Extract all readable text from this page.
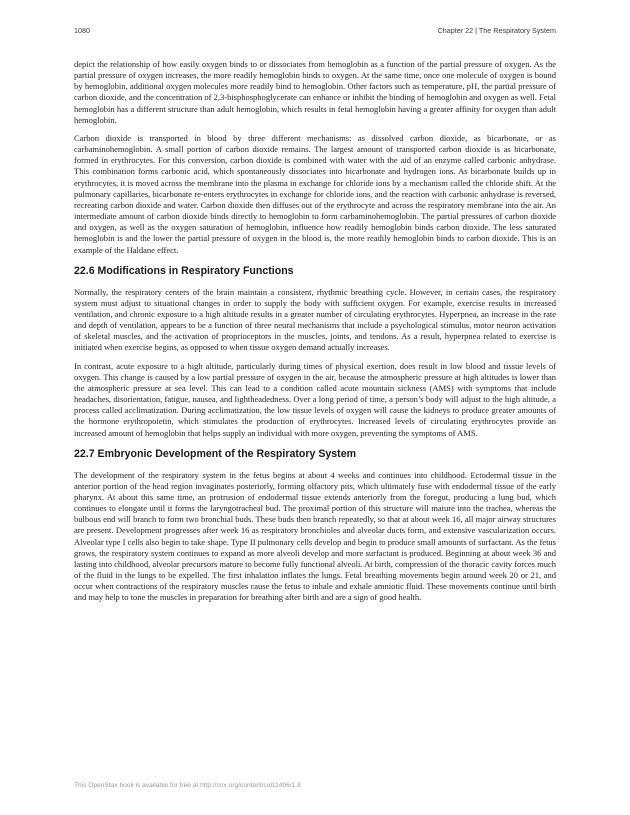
1080	Chapter 22 | The Respiratory System

depict the relationship of how easily oxygen binds to or dissociates from hemoglobin as a function of the partial pressure of oxygen. As the partial pressure of oxygen increases, the more readily hemoglobin binds to oxygen. At the same time, once one molecule of oxygen is bound by hemoglobin, additional oxygen molecules more readily bind to hemoglobin. Other factors such as temperature, pH, the partial pressure of carbon dioxide, and the concentration of 2,3-bisphosphoglycerate can enhance or inhibit the binding of hemoglobin and oxygen as well. Fetal hemoglobin has a different structure than adult hemoglobin, which results in fetal hemoglobin having a greater affinity for oxygen than adult hemoglobin.

Carbon dioxide is transported in blood by three different mechanisms: as dissolved carbon dioxide, as bicarbonate, or as carbaminohemoglobin. A small portion of carbon dioxide remains. The largest amount of transported carbon dioxide is as bicarbonate, formed in erythrocytes. For this conversion, carbon dioxide is combined with water with the aid of an enzyme called carbonic anhydrase. This combination forms carbonic acid, which spontaneously dissociates into bicarbonate and hydrogen ions. As bicarbonate builds up in erythrocytes, it is moved across the membrane into the plasma in exchange for chloride ions by a mechanism called the chloride shift. At the pulmonary capillaries, bicarbonate re-enters erythrocytes in exchange for chloride ions, and the reaction with carbonic anhydrase is reversed, recreating carbon dioxide and water. Carbon dioxide then diffuses out of the erythrocyte and across the respiratory membrane into the air. An intermediate amount of carbon dioxide binds directly to hemoglobin to form carbaminohemoglobin. The partial pressures of carbon dioxide and oxygen, as well as the oxygen saturation of hemoglobin, influence how readily hemoglobin binds carbon dioxide. The less saturated hemoglobin is and the lower the partial pressure of oxygen in the blood is, the more readily hemoglobin binds to carbon dioxide. This is an example of the Haldane effect.

22.6 Modifications in Respiratory Functions

Normally, the respiratory centers of the brain maintain a consistent, rhythmic breathing cycle. However, in certain cases, the respiratory system must adjust to situational changes in order to supply the body with sufficient oxygen. For example, exercise results in increased ventilation, and chronic exposure to a high altitude results in a greater number of circulating erythrocytes. Hyperpnea, an increase in the rate and depth of ventilation, appears to be a function of three neural mechanisms that include a psychological stimulus, motor neuron activation of skeletal muscles, and the activation of proprioceptors in the muscles, joints, and tendons. As a result, hyperpnea related to exercise is initiated when exercise begins, as opposed to when tissue oxygen demand actually increases.

In contrast, acute exposure to a high altitude, particularly during times of physical exertion, does result in low blood and tissue levels of oxygen. This change is caused by a low partial pressure of oxygen in the air, because the atmospheric pressure at high altitudes is lower than the atmospheric pressure at sea level. This can lead to a condition called acute mountain sickness (AMS) with symptoms that include headaches, disorientation, fatigue, nausea, and lightheadedness. Over a long period of time, a person’s body will adjust to the high altitude, a process called acclimatization. During acclimatization, the low tissue levels of oxygen will cause the kidneys to produce greater amounts of the hormone erythropoietin, which stimulates the production of erythrocytes. Increased levels of circulating erythrocytes provide an increased amount of hemoglobin that helps supply an individual with more oxygen, preventing the symptoms of AMS.

22.7 Embryonic Development of the Respiratory System

The development of the respiratory system in the fetus begins at about 4 weeks and continues into childhood. Ectodermal tissue in the anterior portion of the head region invaginates posteriorly, forming olfactory pits, which ultimately fuse with endodermal tissue of the early pharynx. At about this same time, an protrusion of endodermal tissue extends anteriorly from the foregut, producing a lung bud, which continues to elongate until it forms the laryngotracheal bud. The proximal portion of this structure will mature into the trachea, whereas the bulbous end will branch to form two bronchial buds. These buds then branch repeatedly, so that at about week 16, all major airway structures are present. Development progresses after week 16 as respiratory bronchioles and alveolar ducts form, and extensive vascularization occurs. Alveolar type I cells also begin to take shape. Type II pulmonary cells develop and begin to produce small amounts of surfactant. As the fetus grows, the respiratory system continues to expand as more alveoli develop and more surfactant is produced. Beginning at about week 36 and lasting into childhood, alveolar precursors mature to become fully functional alveoli. At birth, compression of the thoracic cavity forces much of the fluid in the lungs to be expelled. The first inhalation inflates the lungs. Fetal breathing movements begin around week 20 or 21, and occur when contractions of the respiratory muscles cause the fetus to inhale and exhale amniotic fluid. These movements continue until birth and may help to tone the muscles in preparation for breathing after birth and are a sign of good health.

This OpenStax book is available for free at http://cnx.org/content/col11496/1.8
